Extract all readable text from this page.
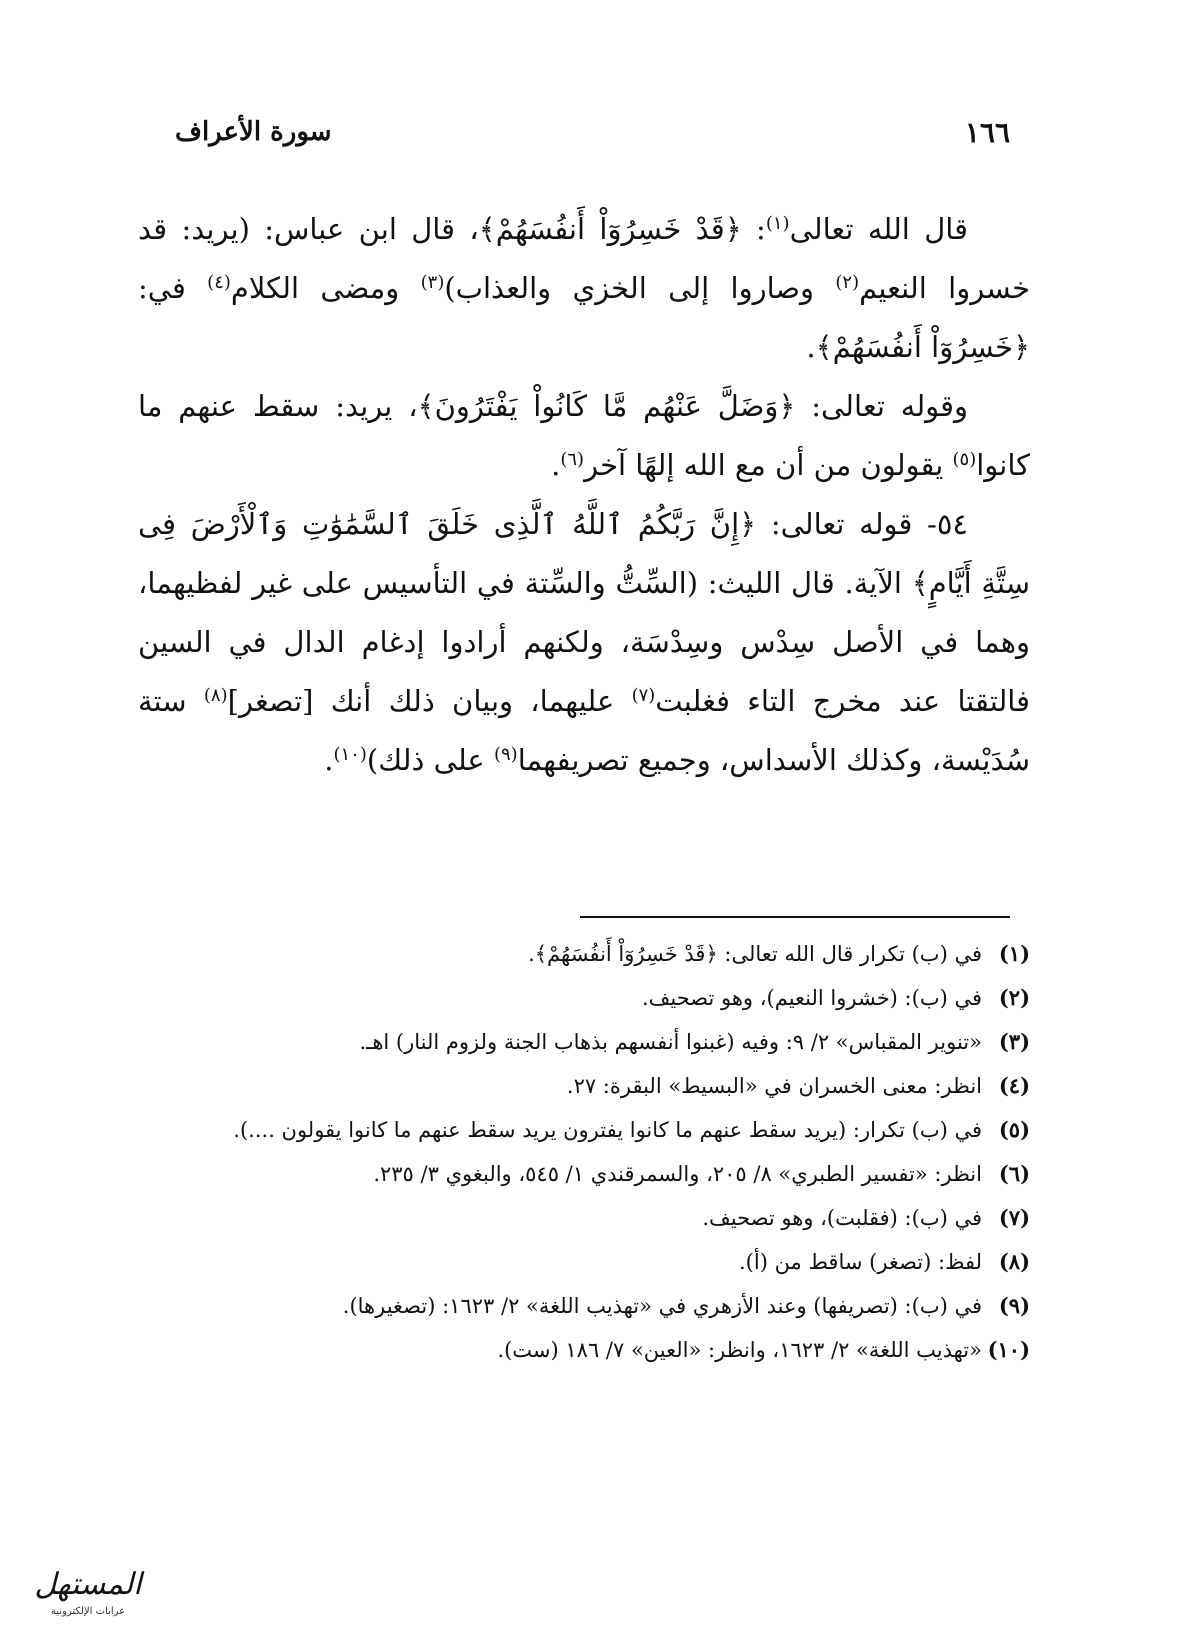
١٦٦
سورة الأعراف

قال الله تعالى$^{(١)}$: ﴿قَدْ خَسِرُوٓاْ أَنفُسَهُمْ﴾، قال ابن عباس: (يريد: قد خسروا النعيم$^{(٢)}$ وصاروا إلى الخزي والعذاب)$^{(٣)}$ ومضى الكلام$^{(٤)}$ في: ﴿خَسِرُوٓاْ أَنفُسَهُمْ﴾.

وقوله تعالى: ﴿وَضَلَّ عَنْهُم مَّا كَانُواْ يَفْتَرُونَ﴾، يريد: سقط عنهم ما كانوا$^{(٥)}$ يقولون من أن مع الله إلهًا آخر$^{(٦)}$.

٥٤- قوله تعالى: ﴿إِنَّ رَبَّكُمُ ٱللَّهُ ٱلَّذِى خَلَقَ ٱلسَّمَٰوَٰتِ وَٱلْأَرْضَ فِى سِتَّةِ أَيَّامٍ﴾ الآية. قال الليث: (السِّتُّ والسِّتة في التأسيس على غير لفظيهما، وهما في الأصل سِدْس وسِدْسَة، ولكنهم أرادوا إدغام الدال في السين فالتقتا عند مخرج التاء فغلبت$^{(٧)}$ عليهما، وبيان ذلك أنك [تصغر]$^{(٨)}$ ستة سُدَيْسة، وكذلك الأسداس، وجميع تصريفهما$^{(٩)}$ على ذلك)$^{(١٠)}$.

(١)
في (ب) تكرار قال الله تعالى: ﴿قَدْ خَسِرُوٓاْ أَنفُسَهُمْ﴾.
(٢)
في (ب): (خشروا النعيم)، وهو تصحيف.
(٣)
«تنوير المقباس» ٢/ ٩: وفيه (غبنوا أنفسهم بذهاب الجنة ولزوم النار) اهـ.
(٤)
انظر: معنى الخسران في «البسيط» البقرة: ٢٧.
(٥)
في (ب) تكرار: (يريد سقط عنهم ما كانوا يفترون يريد سقط عنهم ما كانوا يقولون ....).
(٦)
انظر: «تفسير الطبري» ٨/ ٢٠٥، والسمرقندي ١/ ٥٤٥، والبغوي ٣/ ٢٣٥.
(٧)
في (ب): (فقلبت)، وهو تصحيف.
(٨)
لفظ: (تصغر) ساقط من (أ).
(٩)
في (ب): (تصريفها) وعند الأزهري في «تهذيب اللغة» ٢/ ١٦٢٣: (تصغيرها).
(١٠)
«تهذيب اللغة» ٢/ ١٦٢٣، وانظر: «العين» ٧/ ١٨٦ (ست).
المستهل
عرابات الإلكترونية
